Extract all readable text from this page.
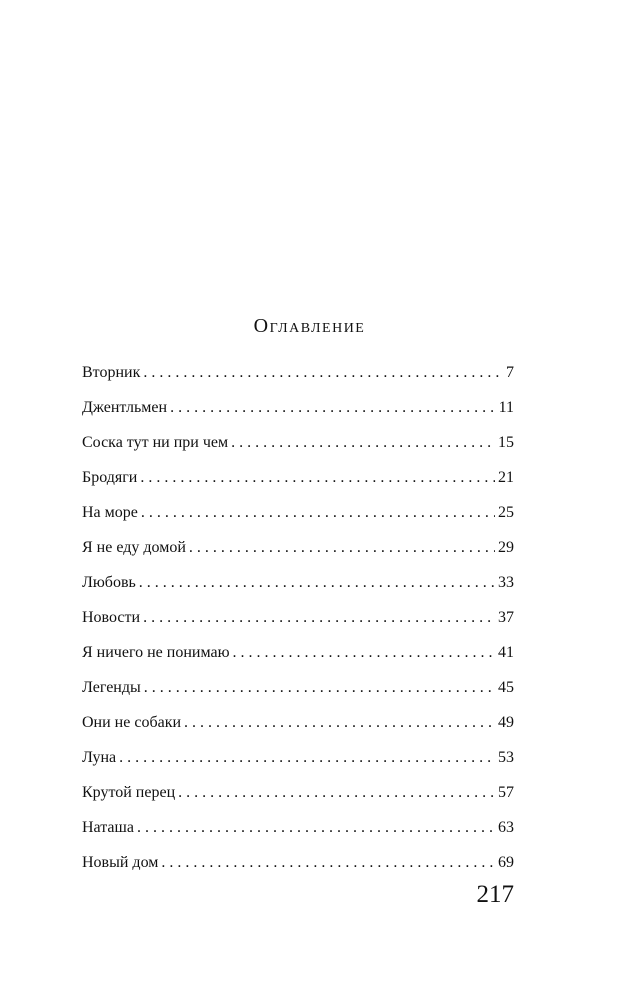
Оглавление
Вторник . . .	7
Джентльмен . . .	11
Соска тут ни при чем . . .	15
Бродяги . . .	21
На море . . .	25
Я не еду домой . . .	29
Любовь . . .	33
Новости . . .	37
Я ничего не понимаю . . .	41
Легенды . . .	45
Они не собаки . . .	49
Луна . . .	53
Крутой перец . . .	57
Наташа . . .	63
Новый дом . . .	69

217
